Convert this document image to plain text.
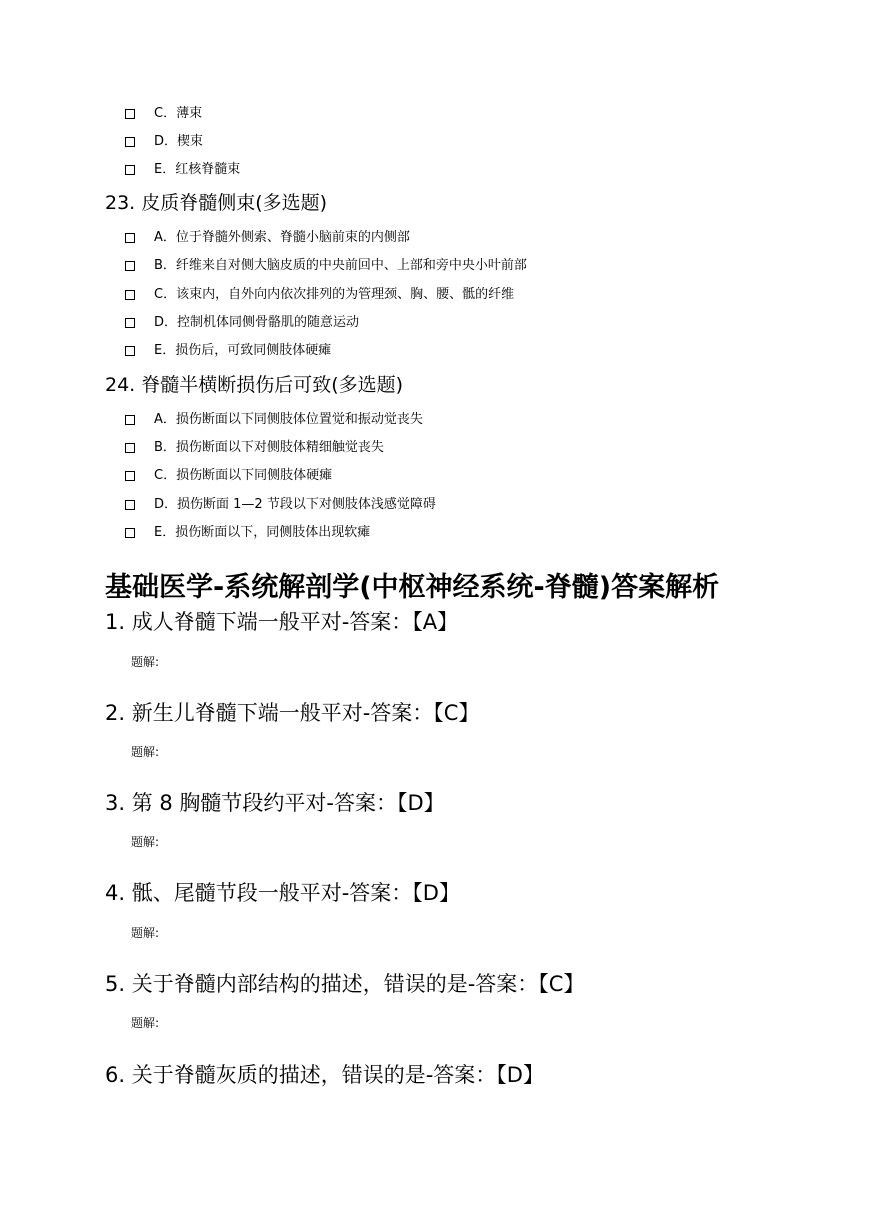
C．薄束
D．楔束
E．红核脊髓束
23. 皮质脊髓侧束(多选题)
A．位于脊髓外侧索、脊髓小脑前束的内侧部
B．纤维来自对侧大脑皮质的中央前回中、上部和旁中央小叶前部
C．该束内，自外向内依次排列的为管理颈、胸、腰、骶的纤维
D．控制机体同侧骨骼肌的随意运动
E．损伤后，可致同侧肢体硬瘫
24. 脊髓半横断损伤后可致(多选题)
A．损伤断面以下同侧肢体位置觉和振动觉丧失
B．损伤断面以下对侧肢体精细触觉丧失
C．损伤断面以下同侧肢体硬瘫
D．损伤断面 1—2 节段以下对侧肢体浅感觉障碍
E．损伤断面以下，同侧肢体出现软瘫
基础医学-系统解剖学(中枢神经系统-脊髓)答案解析
1. 成人脊髓下端一般平对-答案：【A】
题解:
2. 新生儿脊髓下端一般平对-答案：【C】
题解:
3. 第 8 胸髓节段约平对-答案：【D】
题解:
4. 骶、尾髓节段一般平对-答案：【D】
题解:
5. 关于脊髓内部结构的描述，错误的是-答案：【C】
题解:
6. 关于脊髓灰质的描述，错误的是-答案：【D】
